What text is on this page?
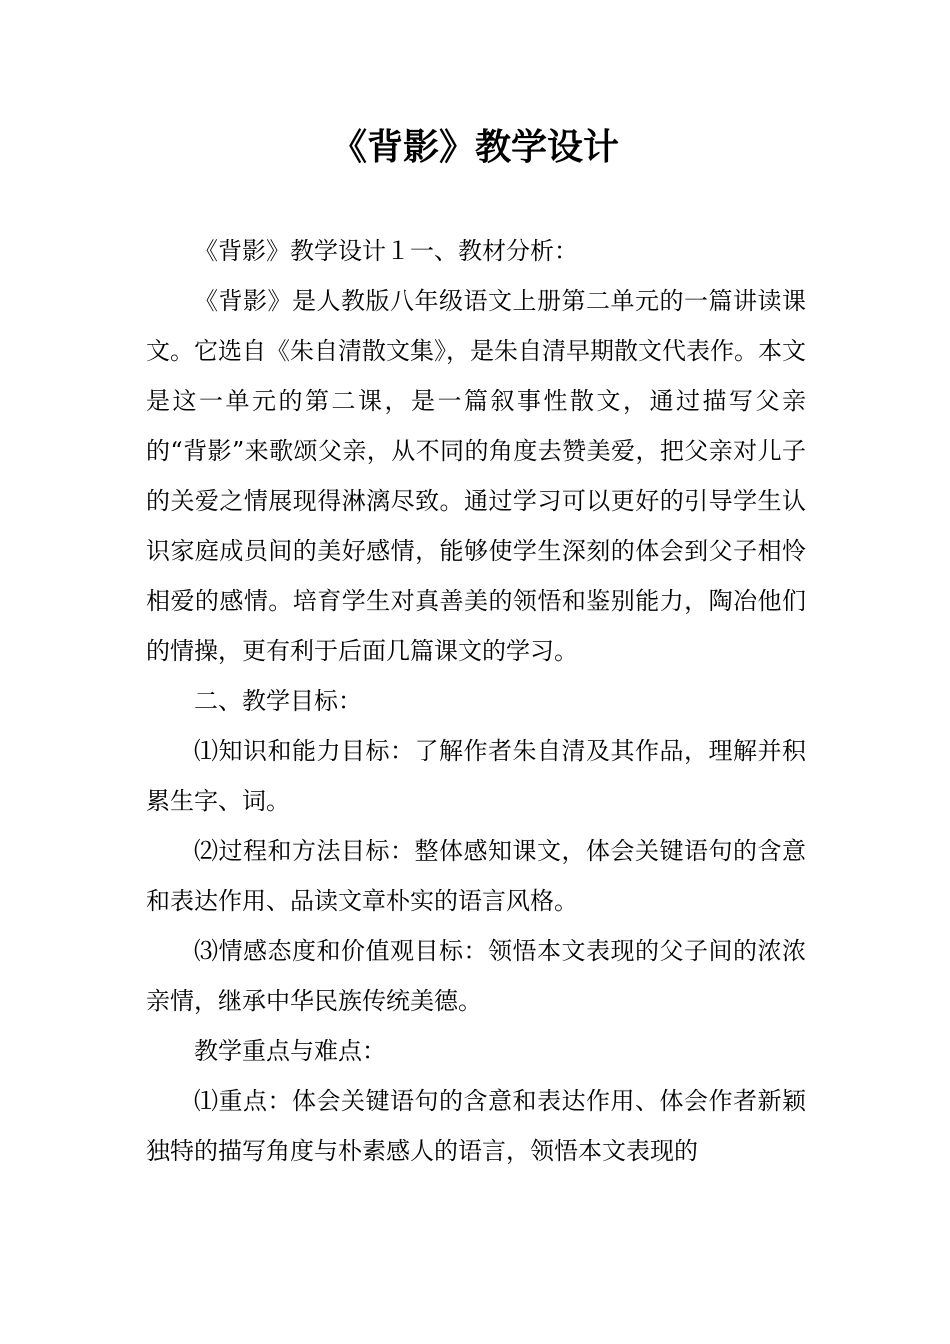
《背影》教学设计

《背影》教学设计１一、教材分析：

《背影》是人教版八年级语文上册第二单元的一篇讲读课文。它选自《朱自清散文集》，是朱自清早期散文代表作。本文是这一单元的第二课，是一篇叙事性散文，通过描写父亲的“背影”来歌颂父亲，从不同的角度去赞美爱，把父亲对儿子的关爱之情展现得淋漓尽致。通过学习可以更好的引导学生认识家庭成员间的美好感情，能够使学生深刻的体会到父子相怜相爱的感情。培育学生对真善美的领悟和鉴别能力，陶冶他们的情操，更有利于后面几篇课文的学习。

二、教学目标：

⑴知识和能力目标：了解作者朱自清及其作品，理解并积累生字、词。

⑵过程和方法目标：整体感知课文，体会关键语句的含意和表达作用、品读文章朴实的语言风格。

⑶情感态度和价值观目标：领悟本文表现的父子间的浓浓亲情，继承中华民族传统美德。

教学重点与难点：

⑴重点：体会关键语句的含意和表达作用、体会作者新颖独特的描写角度与朴素感人的语言，领悟本文表现的
